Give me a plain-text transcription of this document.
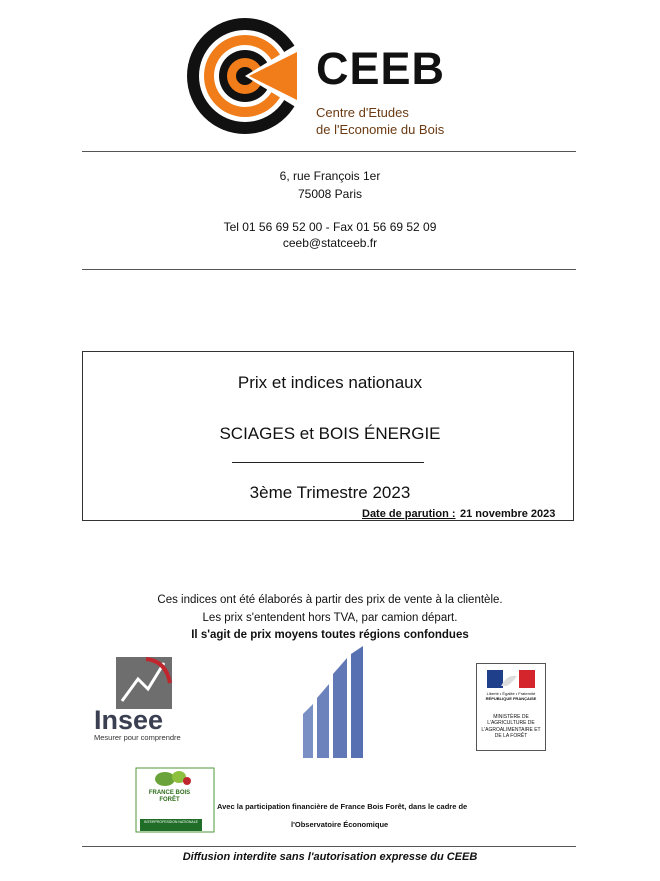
CEEB
Centre d'Etudes
de l'Economie du Bois
6, rue François 1er
75008 Paris
Tel 01 56 69 52 00 - Fax 01 56 69 52 09
ceeb@statceeb.fr
Prix et indices nationaux
SCIAGES et BOIS ÉNERGIE
3ème Trimestre 2023
Date de parution : 21 novembre 2023
Ces indices ont été élaborés à partir des prix de vente à la clientèle.
Les prix s'entendent hors TVA, par camion départ.
Il s'agit de prix moyens toutes régions confondues
Insee
Mesurer pour comprendre
Liberté • Égalité • Fraternité
RÉPUBLIQUE FRANÇAISE
MINISTÈRE DE L'AGRICULTURE DE L'AGROALIMENTAIRE ET DE LA FORÊT
FRANCE BOIS FORÊT
INTERPROFESSION NATIONALE
Avec la participation financière de France Bois Forêt, dans le cadre de
l'Observatoire Économique
Diffusion interdite sans l'autorisation expresse du CEEB
